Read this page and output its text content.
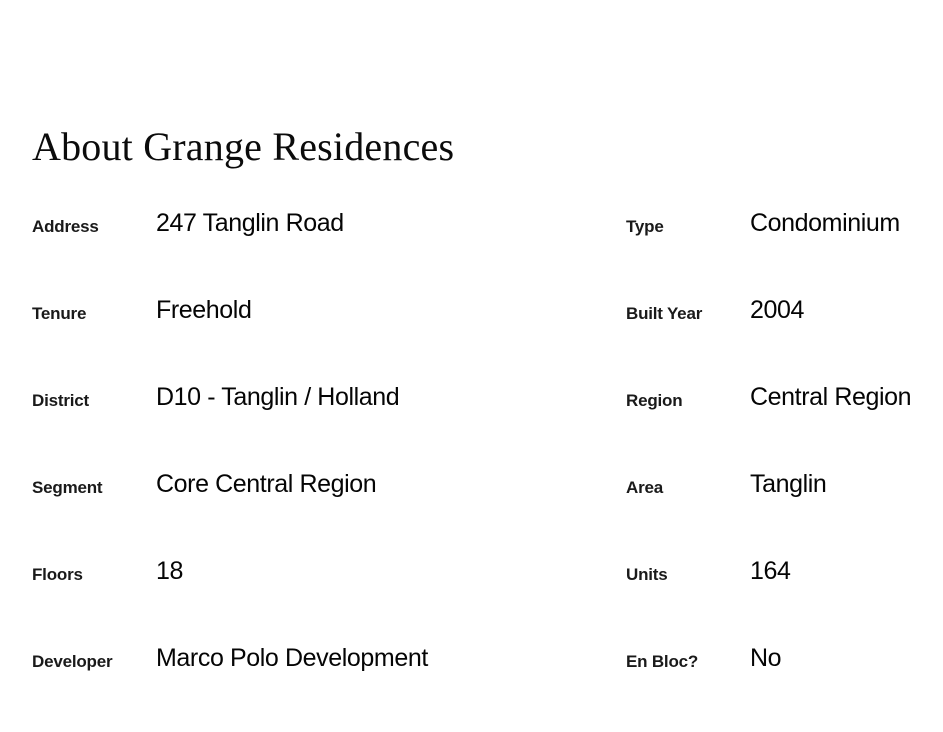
About Grange Residences
Address	247 Tanglin Road	Type	Condominium
Tenure	Freehold	Built Year	2004
District	D10 - Tanglin / Holland	Region	Central Region
Segment	Core Central Region	Area	Tanglin
Floors	18	Units	164
Developer	Marco Polo Development	En Bloc?	No
